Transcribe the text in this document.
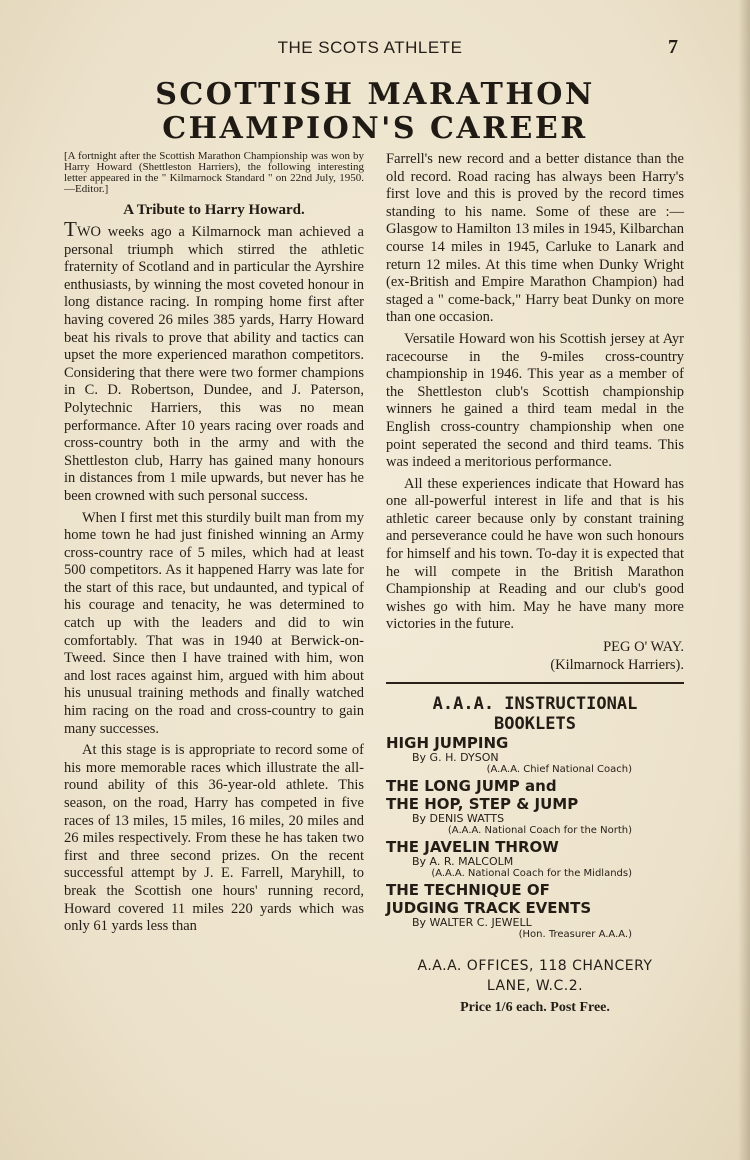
THE SCOTS ATHLETE	7
SCOTTISH MARATHON
CHAMPION'S CAREER

[A fortnight after the Scottish Marathon Championship was won by Harry Howard (Shettleston Harriers), the following interesting letter appeared in the " Kilmarnock Standard " on 22nd July, 1950.—Editor.]

A Tribute to Harry Howard.

TWO weeks ago a Kilmarnock man achieved a personal triumph which stirred the athletic fraternity of Scotland and in particular the Ayrshire enthusiasts, by winning the most coveted honour in long distance racing. In romping home first after having covered 26 miles 385 yards, Harry Howard beat his rivals to prove that ability and tactics can upset the more experienced marathon competitors. Considering that there were two former champions in C. D. Robertson, Dundee, and J. Paterson, Polytechnic Harriers, this was no mean performance. After 10 years racing over roads and cross-country both in the army and with the Shettleston club, Harry has gained many honours in distances from 1 mile upwards, but never has he been crowned with such personal success.

When I first met this sturdily built man from my home town he had just finished winning an Army cross-country race of 5 miles, which had at least 500 competitors. As it happened Harry was late for the start of this race, but undaunted, and typical of his courage and tenacity, he was determined to catch up with the leaders and did to win comfortably. That was in 1940 at Berwick-on-Tweed. Since then I have trained with him, won and lost races against him, argued with him about his unusual training methods and finally watched him racing on the road and cross-country to gain many successes.

At this stage is is appropriate to record some of his more memorable races which illustrate the all-round ability of this 36-year-old athlete. This season, on the road, Harry has competed in five races of 13 miles, 15 miles, 16 miles, 20 miles and 26 miles respectively. From these he has taken two first and three second prizes. On the recent successful attempt by J. E. Farrell, Maryhill, to break the Scottish one hours' running record, Howard covered 11 miles 220 yards which was only 61 yards less than

Farrell's new record and a better distance than the old record. Road racing has always been Harry's first love and this is proved by the record times standing to his name. Some of these are :—Glasgow to Hamilton 13 miles in 1945, Kilbarchan course 14 miles in 1945, Carluke to Lanark and return 12 miles. At this time when Dunky Wright (ex-British and Empire Marathon Champion) had staged a " come-back," Harry beat Dunky on more than one occasion.

Versatile Howard won his Scottish jersey at Ayr racecourse in the 9-miles cross-country championship in 1946. This year as a member of the Shettleston club's Scottish championship winners he gained a third team medal in the English cross-country championship when one point seperated the second and third teams. This was indeed a meritorious performance.

All these experiences indicate that Howard has one all-powerful interest in life and that is his athletic career because only by constant training and perseverance could he have won such honours for himself and his town. To-day it is expected that he will compete in the British Marathon Championship at Reading and our club's good wishes go with him. May he have many more victories in the future.

PEG O' WAY.

(Kilmarnock Harriers).

A.A.A. INSTRUCTIONAL

BOOKLETS

HIGH JUMPING

By G. H. DYSON

(A.A.A. Chief National Coach)

THE LONG JUMP and

THE HOP, STEP & JUMP

By DENIS WATTS

(A.A.A. National Coach for the North)

THE JAVELIN THROW

By A. R. MALCOLM

(A.A.A. National Coach for the Midlands)

THE TECHNIQUE OF

JUDGING TRACK EVENTS

By WALTER C. JEWELL

(Hon. Treasurer A.A.A.)

A.A.A. OFFICES, 118 CHANCERY

LANE, W.C.2.

Price 1/6 each. Post Free.
